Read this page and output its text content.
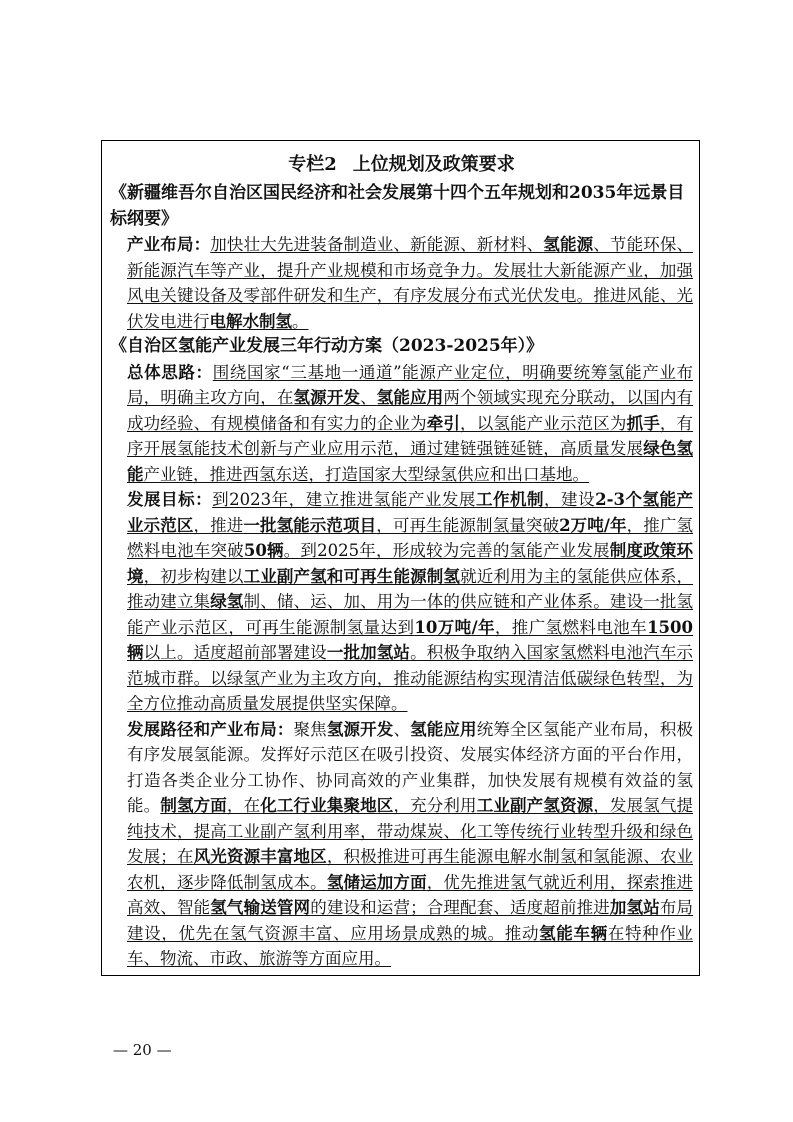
专栏2 上位规划及政策要求
《新疆维吾尔自治区国民经济和社会发展第十四个五年规划和2035年远景目标纲要》

产业布局：加快壮大先进装备制造业、新能源、新材料、氢能源、节能环保、新能源汽车等产业，提升产业规模和市场竞争力。发展壮大新能源产业，加强风电关键设备及零部件研发和生产，有序发展分布式光伏发电。推进风能、光伏发电进行电解水制氢。

《自治区氢能产业发展三年行动方案（2023-2025年）》

总体思路：围绕国家“三基地一通道”能源产业定位，明确要统筹氢能产业布局，明确主攻方向，在氢源开发、氢能应用两个领域实现充分联动，以国内有成功经验、有规模储备和有实力的企业为牵引，以氢能产业示范区为抓手，有序开展氢能技术创新与产业应用示范，通过建链强链延链，高质量发展绿色氢能产业链，推进西氢东送，打造国家大型绿氢供应和出口基地。

发展目标：到2023年，建立推进氢能产业发展工作机制，建设2-3个氢能产业示范区，推进一批氢能示范项目，可再生能源制氢量突破2万吨/年，推广氢燃料电池车突破50辆。到2025年，形成较为完善的氢能产业发展制度政策环境，初步构建以工业副产氢和可再生能源制氢就近利用为主的氢能供应体系，推动建立集绿氢制、储、运、加、用为一体的供应链和产业体系。建设一批氢能产业示范区，可再生能源制氢量达到10万吨/年，推广氢燃料电池车1500辆以上。适度超前部署建设一批加氢站。积极争取纳入国家氢燃料电池汽车示范城市群。以绿氢产业为主攻方向，推动能源结构实现清洁低碳绿色转型，为全方位推动高质量发展提供坚实保障。

发展路径和产业布局：聚焦氢源开发、氢能应用统筹全区氢能产业布局，积极有序发展氢能源。发挥好示范区在吸引投资、发展实体经济方面的平台作用，打造各类企业分工协作、协同高效的产业集群，加快发展有规模有效益的氢能。制氢方面，在化工行业集聚地区，充分利用工业副产氢资源，发展氢气提纯技术，提高工业副产氢利用率，带动煤炭、化工等传统行业转型升级和绿色发展；在风光资源丰富地区，积极推进可再生能源电解水制氢和氢能源、农业农机，逐步降低制氢成本。氢储运加方面，优先推进氢气就近利用，探索推进高效、智能氢气输送管网的建设和运营；合理配套、适度超前推进加氢站布局建设，优先在氢气资源丰富、应用场景成熟的城。推动氢能车辆在特种作业车、物流、市政、旅游等方面应用。

— 20 —
